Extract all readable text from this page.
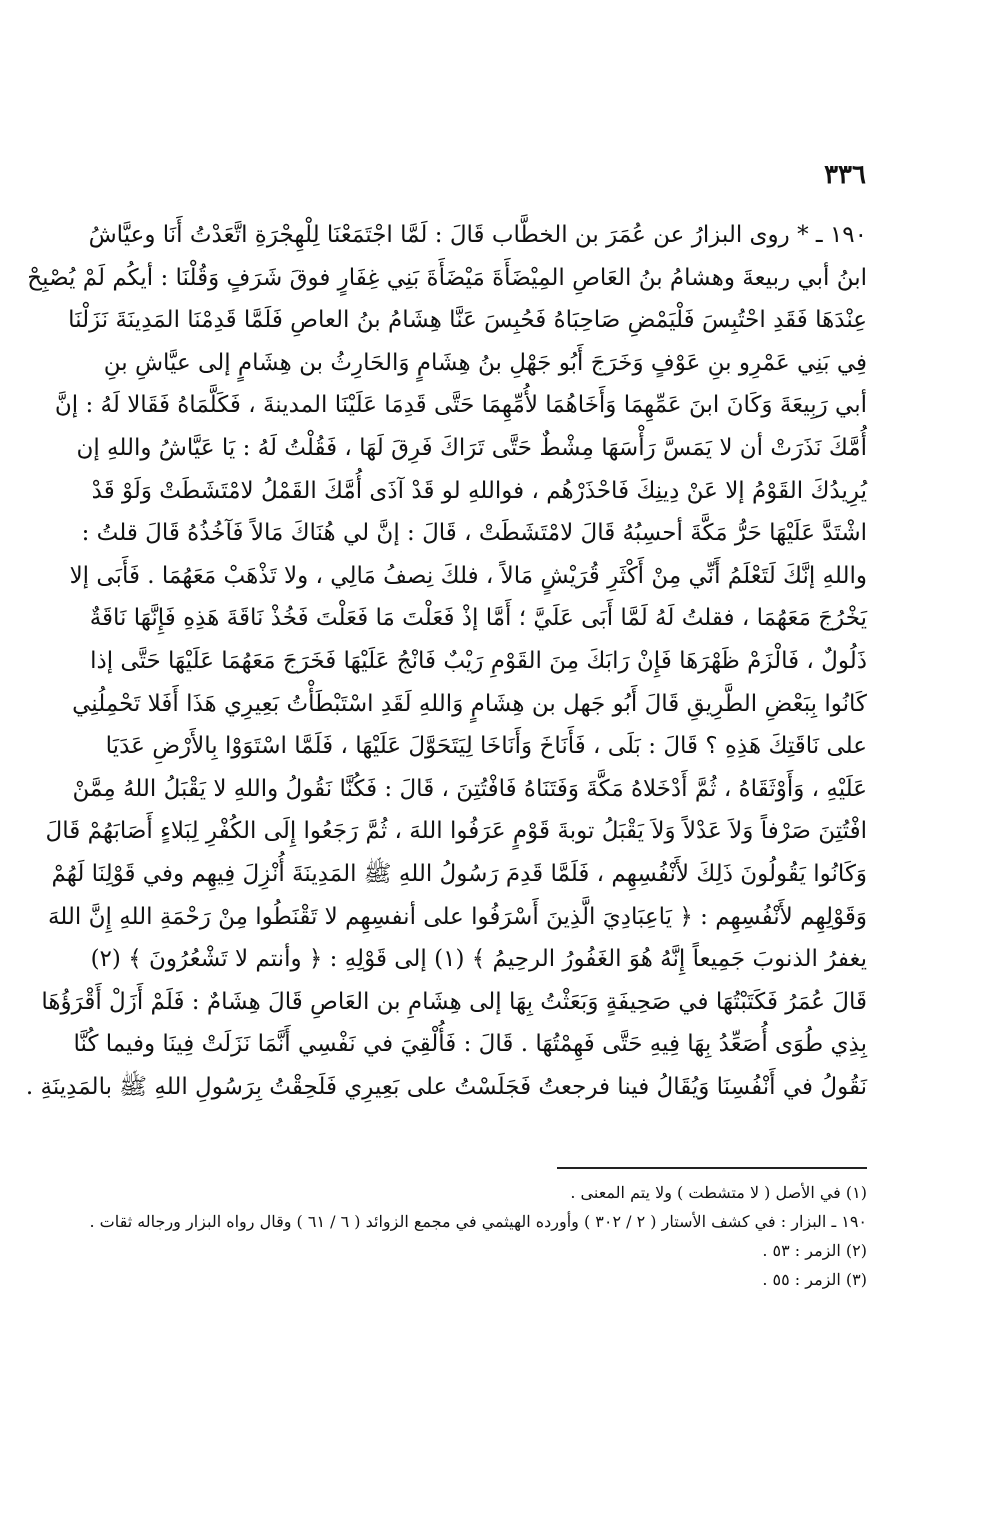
٣٣٦
١٩٠ ـ * روى البزارُ عن عُمَرَ بن الخطَّاب قَالَ : لَمَّا اجْتَمَعْنَا لِلْهِجْرَةِ اتَّعَدْتُ أَنَا وعيَّاشُ
ابنُ أبي ربيعةَ وهشامُ بنُ العَاصِ المِيْضَأَةَ مَيْضَأَةَ بَنِي غِفَارٍ فوقَ شَرَفٍ وَقُلْنَا : أيكُم لَمْ يُصْبِحْ
عِنْدَهَا فَقَدِ احْتُبِسَ فَلْيَمْضِ صَاحِبَاهُ فَحُبِسَ عَنَّا هِشَامُ بنُ العاصِ فَلَمَّا قَدِمْنَا المَدِينَةَ نَزَلْنَا
فِي بَنِي عَمْرِو بنِ عَوْفٍ وَخَرَجَ أَبُو جَهْلِ بنُ هِشَامٍ وَالحَارِثُ بن هِشَامٍ إلى عيَّاشِ بنِ
أبي رَبِيعَةَ وَكَانَ ابنَ عَمِّهِمَا وَأَخَاهُمَا لأُمِّهِمَا حَتَّى قَدِمَا عَلَيْنَا المدينةَ ، فَكَلَّمَاهُ فَقَالا لَهُ : إنَّ
أُمَّكَ نَذَرَتْ أن لا يَمَسَّ رَأْسَهَا مِشْطٌ حَتَّى تَرَاكَ فَرِقَ لَهَا ، فَقُلْتُ لَهُ : يَا عَيَّاشُ واللهِ إن
يُرِيدُكَ القَوْمُ إلا عَنْ دِينِكَ فَاحْذَرْهُم ، فواللهِ لو قَدْ آذَى أُمَّكَ القَمْلُ لامْتَشَطَتْ وَلَوْ قَدْ
اشْتَدَّ عَلَيْهَا حَرُّ مَكَّةَ أحسِبُهُ قَالَ لامْتَشَطَتْ ، قَالَ : إنَّ لي هُنَاكَ مَالاً فَآخُذُهُ قَالَ قلتُ :
واللهِ إنَّكَ لَتَعْلَمُ أَنِّي مِنْ أَكْثَرِ قُرَيْشٍ مَالاً ، فلكَ نِصفُ مَالِي ، ولا تَذْهَبْ مَعَهُمَا . فَأَبَى إلا
يَخْرُجَ مَعَهُمَا ، فقلتُ لَهُ لَمَّا أَبَى عَلَيَّ ؛ أَمَّا إذْ فَعَلْتَ مَا فَعَلْتَ فَخُذْ نَاقَةَ هَذِهِ فَإِنَّهَا نَاقَةٌ
ذَلُولٌ ، فَالْزَمْ ظَهْرَهَا فَإِنْ رَابَكَ مِنَ القَوْمِ رَيْبٌ فَانْجُ عَلَيْهَا فَخَرَجَ مَعَهُمَا عَلَيْهَا حَتَّى إذا
كَانُوا بِبَعْضِ الطَّرِيقِ قَالَ أَبُو جَهل بن هِشَامٍ وَاللهِ لَقَدِ اسْتَبْطَأْتُ بَعِيرِي هَذَا أَفَلا تَحْمِلُنِي
على نَاقَتِكَ هَذِهِ ؟ قَالَ : بَلَى ، فَأَنَاخَ وَأَنَاخَا لِيَتَحَوَّلَ عَلَيْهَا ، فَلَمَّا اسْتَوَوْا بِالأَرْضِ عَدَيَا
عَلَيْهِ ، وَأَوْثَقَاهُ ، ثُمَّ أَدْخَلاهُ مَكَّةَ وَفَتَنَاهُ فَافْتُتِنَ ، قَالَ : فَكُنَّا نَقُولُ واللهِ لا يَقْبَلُ اللهُ مِمَّنْ
افْتُتِنَ صَرْفاً وَلاَ عَدْلاً وَلاَ يَقْبَلُ توبةَ قَوْمٍ عَرَفُوا اللهَ ، ثُمَّ رَجَعُوا إِلَى الكُفْرِ لِبَلاءٍ أَصَابَهُمْ قَالَ
وَكَانُوا يَقُولُونَ ذَلِكَ لأَنْفُسِهِم ، فَلَمَّا قَدِمَ رَسُولُ اللهِ ﷺ المَدِينَةَ أُنْزِلَ فِيهِم وفي قَوْلِنَا لَهُمْ
وَقَوْلِهِم لأَنْفُسِهِم : ﴿ يَاعِبَادِيَ الَّذِينَ أَسْرَفُوا على أنفسِهِم لا تَقْنَطُوا مِنْ رَحْمَةِ اللهِ إِنَّ اللهَ
يغفرُ الذنوبَ جَمِيعاً إِنَّهُ هُوَ الغَفُورُ الرحِيمُ ﴾ (١) إلى قَوْلِهِ : ﴿ وأنتم لا تَشْعُرُونَ ﴾ (٢)
قَالَ عُمَرُ فَكَتَبْتُهَا في صَحِيفَةٍ وَبَعَثْتُ بِهَا إلى هِشَامِ بن العَاصِ قَالَ هِشَامٌ : فَلَمْ أَزَلْ أَقْرَؤُهَا
بِذِي طُوَى أُصَعِّدُ بِهَا فِيهِ حَتَّى فَهِمْتُهَا . قَالَ : فَأُلْقِيَ في نَفْسِي أَنَّمَا نَزَلَتْ فِينَا وفيما كُنَّا
نَقُولُ في أَنْفُسِنَا وَيُقَالُ فينا فرجعتُ فَجَلَسْتُ على بَعِيرِي فَلَحِقْتُ بِرَسُولِ اللهِ ﷺ بالمَدِينَةِ .
(١) في الأصل ( لا متشطت ) ولا يتم المعنى .
١٩٠ ـ البزار : في كشف الأستار ( ٢ / ٣٠٢ ) وأورده الهيثمي في مجمع الزوائد ( ٦ / ٦١ ) وقال رواه البزار ورجاله ثقات .
(٢) الزمر : ٥٣ .
(٣) الزمر : ٥٥ .
